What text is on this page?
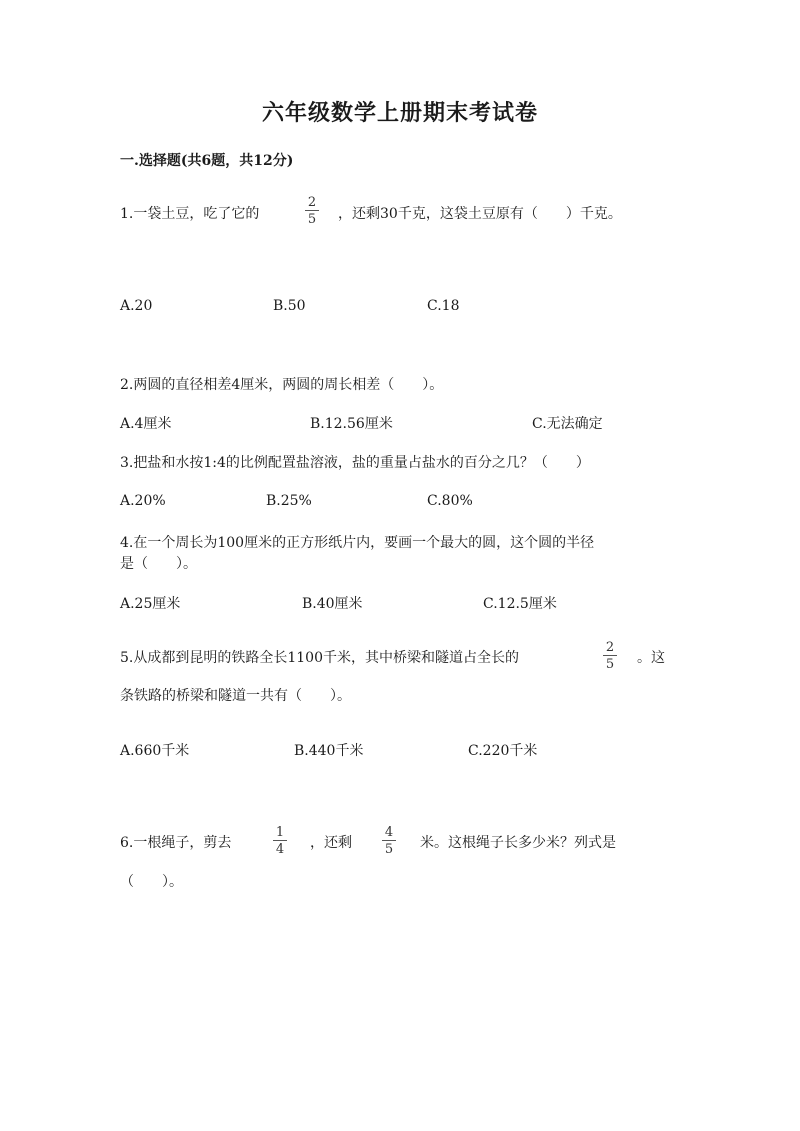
六年级数学上册期末考试卷
一.选择题(共6题，共12分)
1.一袋土豆，吃了它的
2
5 ，还剩30千克，这袋土豆原有（　　）千克。
A.20	B.50	C.18
2.两圆的直径相差4厘米，两圆的周长相差（　　）。
A.4厘米	B.12.56厘米	C.无法确定
3.把盐和水按1:4的比例配置盐溶液，盐的重量占盐水的百分之几？（　　）
A.20%	B.25%	C.80%
4.在一个周长为100厘米的正方形纸片内，要画一个最大的圆，这个圆的半径
是（　　）。
A.25厘米	B.40厘米	C.12.5厘米
5.从成都到昆明的铁路全长1100千米，其中桥梁和隧道占全长的
2
5 。这
条铁路的桥梁和隧道一共有（　　）。
A.660千米	B.440千米	C.220千米
6.一根绳子，剪去
1
4 ，还剩
4
5 米。这根绳子长多少米？列式是
（　　）。
